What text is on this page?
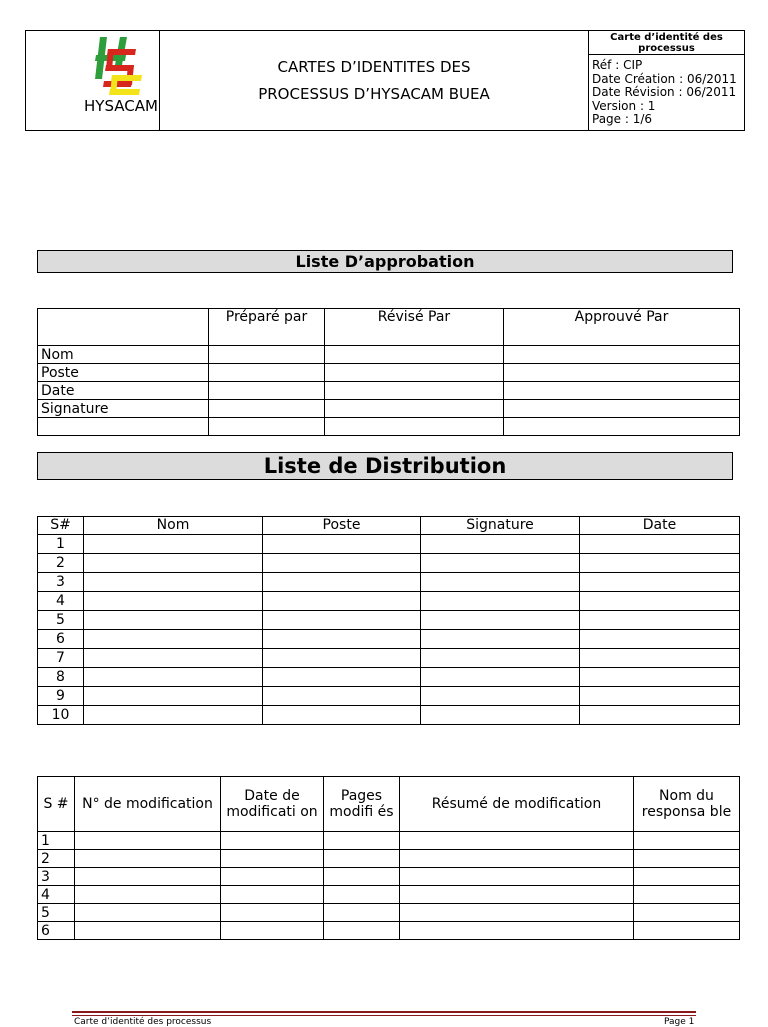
HYSACAM
CARTES D’IDENTITES DES
PROCESSUS D’HYSACAM BUEA
Carte d’identité des processus
Réf : CIP
Date Création : 06/2011
Date Révision : 06/2011
Version : 1
Page : 1/6
Liste D’approbation
	Préparé par	Révisé Par	Approuvé Par
Nom			
Poste			
Date			
Signature			

Liste de Distribution
S#	Nom	Poste	Signature	Date
1				
2				
3				
4				
5				
6				
7				
8				
9				
10				
S #	N° de modification	Date de modificati on	Pages modifi és	Résumé de modification	Nom du responsa ble
1					
2					
3					
4					
5					
6					
Carte d’identité des processus	Page 1
